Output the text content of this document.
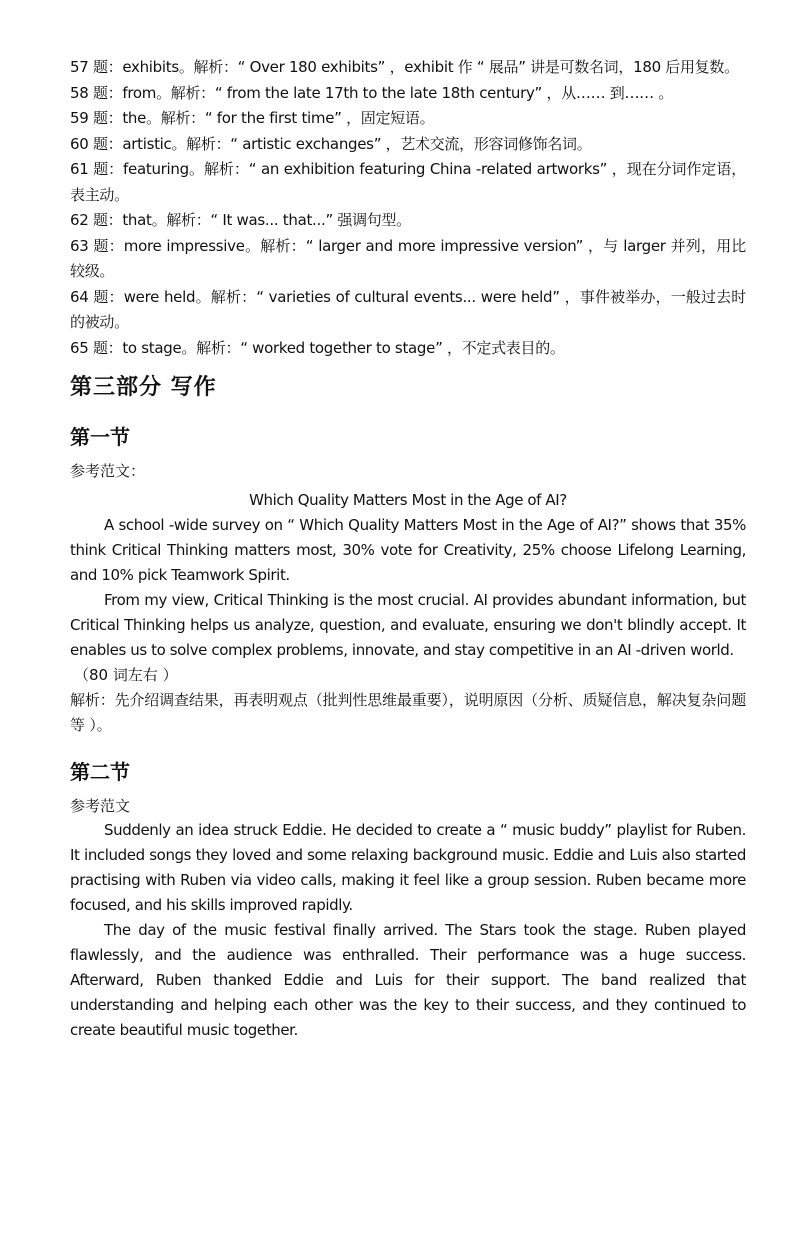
57 题：exhibits。解析：“ Over 180 exhibits” ，exhibit 作 “ 展品” 讲是可数名词，180 后用复数。

58 题：from。解析：“ from the late 17th to the late 18th century” ，从…… 到…… 。

59 题：the。解析：“ for the first time” ，固定短语。

60 题：artistic。解析：“ artistic exchanges” ，艺术交流，形容词修饰名词。

61 题：featuring。解析：“ an exhibition featuring China -related artworks” ，现在分词作定语，表主动。

62 题：that。解析：“ It was... that...” 强调句型。

63 题：more impressive。解析：“ larger and more impressive version” ，与 larger 并列，用比较级。

64 题：were held。解析：“ varieties of cultural events... were held” ，事件被举办，一般过去时的被动。

65 题：to stage。解析：“ worked together to stage” ，不定式表目的。

第三部分 写作
第一节

参考范文：

Which Quality Matters Most in the Age of AI?

A school -wide survey on “ Which Quality Matters Most in the Age of AI?” shows that 35% think Critical Thinking matters most, 30% vote for Creativity, 25% choose Lifelong Learning, and 10% pick Teamwork Spirit.

From my view, Critical Thinking is the most crucial. AI provides abundant information, but Critical Thinking helps us analyze, question, and evaluate, ensuring we don't blindly accept. It enables us to solve complex problems, innovate, and stay competitive in an AI -driven world.

（80 词左右 ）

解析：先介绍调查结果，再表明观点（批判性思维最重要），说明原因（分析、质疑信息，解决复杂问题等 ）。

第二节

参考范文

Suddenly an idea struck Eddie. He decided to create a “ music buddy” playlist for Ruben. It included songs they loved and some relaxing background music. Eddie and Luis also started practising with Ruben via video calls, making it feel like a group session. Ruben became more focused, and his skills improved rapidly.

The day of the music festival finally arrived. The Stars took the stage. Ruben played flawlessly, and the audience was enthralled. Their performance was a huge success. Afterward, Ruben thanked Eddie and Luis for their support. The band realized that understanding and helping each other was the key to their success, and they continued to create beautiful music together.
